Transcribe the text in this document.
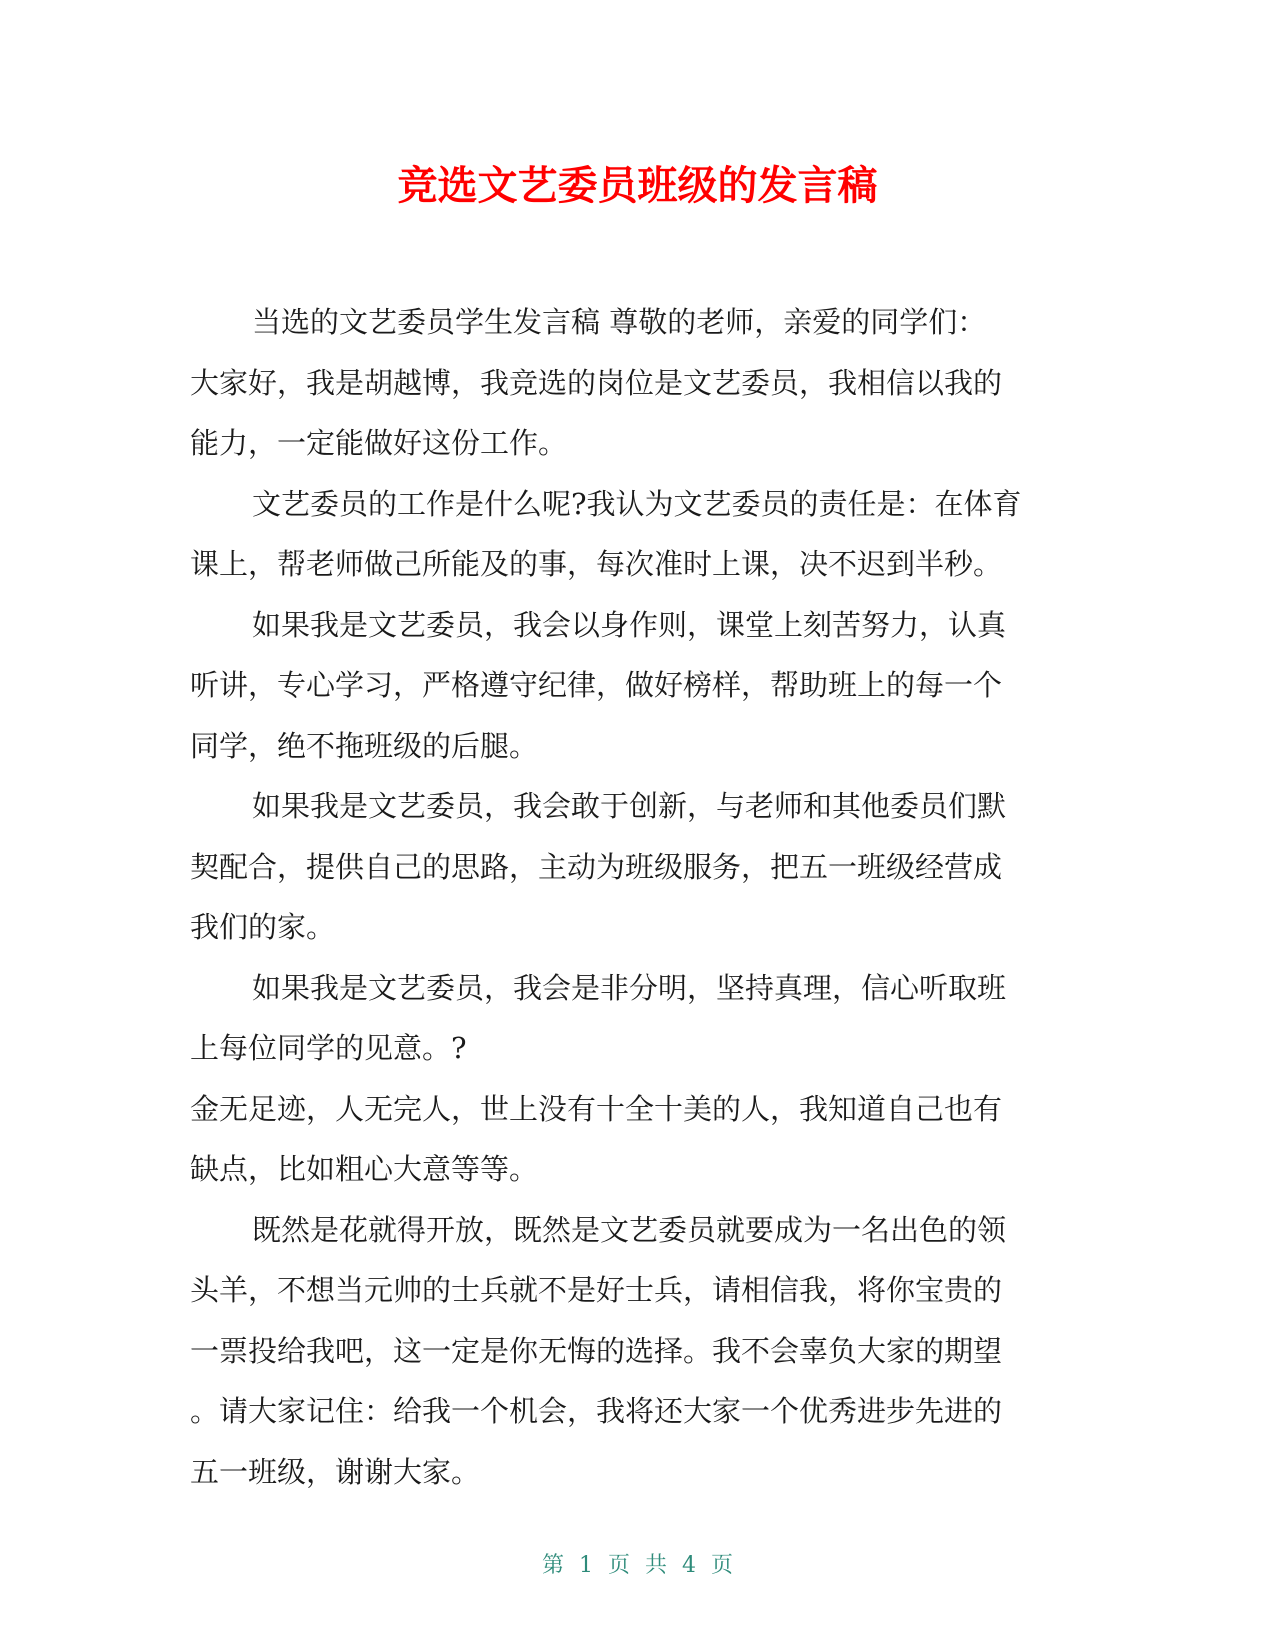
竞选文艺委员班级的发言稿
当选的文艺委员学生发言稿 尊敬的老师，亲爱的同学们：
大家好，我是胡越博，我竞选的岗位是文艺委员，我相信以我的
能力，一定能做好这份工作。
文艺委员的工作是什么呢?我认为文艺委员的责任是：在体育
课上，帮老师做己所能及的事，每次准时上课，决不迟到半秒。
如果我是文艺委员，我会以身作则，课堂上刻苦努力，认真
听讲，专心学习，严格遵守纪律，做好榜样，帮助班上的每一个
同学，绝不拖班级的后腿。
如果我是文艺委员，我会敢于创新，与老师和其他委员们默
契配合，提供自己的思路，主动为班级服务，把五一班级经营成
我们的家。
如果我是文艺委员，我会是非分明，坚持真理，信心听取班
上每位同学的见意。?
金无足迹，人无完人，世上没有十全十美的人，我知道自己也有
缺点，比如粗心大意等等。
既然是花就得开放，既然是文艺委员就要成为一名出色的领
头羊，不想当元帅的士兵就不是好士兵，请相信我，将你宝贵的
一票投给我吧，这一定是你无悔的选择。我不会辜负大家的期望
。请大家记住：给我一个机会，我将还大家一个优秀进步先进的
五一班级，谢谢大家。
第 1 页 共 4 页
